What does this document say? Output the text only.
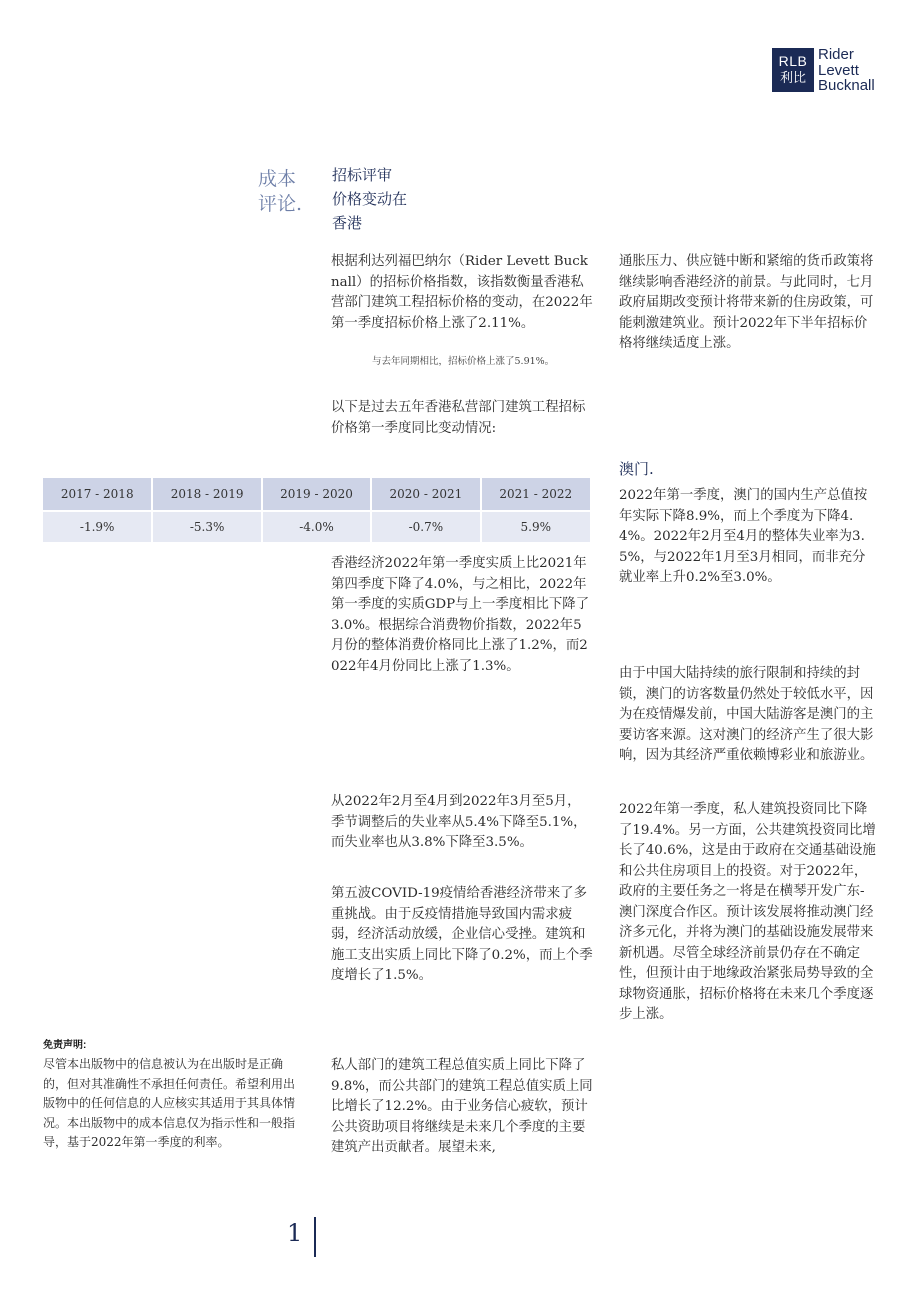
RLB
利比
Rider
Levett
Bucknall
成本
评论.
招标评审
价格变动在
香港
根据利达列福巴纳尔（Rider Levett Bucknall）的招标价格指数，该指数衡量香港私营部门建筑工程招标价格的变动，在2022年第一季度招标价格上涨了2.11%。
与去年同期相比，招标价格上涨了5.91%。
以下是过去五年香港私营部门建筑工程招标价格第一季度同比变动情况:
2017 - 2018	2018 - 2019	2019 - 2020	2020 - 2021	2021 - 2022
-1.9%	-5.3%	-4.0%	-0.7%	5.9%
香港经济2022年第一季度实质上比2021年第四季度下降了4.0%，与之相比，2022年第一季度的实质GDP与上一季度相比下降了3.0%。根据综合消费物价指数，2022年5月份的整体消费价格同比上涨了1.2%，而2022年4月份同比上涨了1.3%。
从2022年2月至4月到2022年3月至5月，季节调整后的失业率从5.4%下降至5.1%，而失业率也从3.8%下降至3.5%。
第五波COVID-19疫情给香港经济带来了多重挑战。由于反疫情措施导致国内需求疲弱，经济活动放缓，企业信心受挫。建筑和施工支出实质上同比下降了0.2%，而上个季度增长了1.5%。
私人部门的建筑工程总值实质上同比下降了9.8%，而公共部门的建筑工程总值实质上同比增长了12.2%。由于业务信心疲软，预计公共资助项目将继续是未来几个季度的主要建筑产出贡献者。展望未来,
通胀压力、供应链中断和紧缩的货币政策将继续影响香港经济的前景。与此同时，七月政府届期改变预计将带来新的住房政策，可能刺激建筑业。预计2022年下半年招标价格将继续适度上涨。
澳门.
2022年第一季度，澳门的国内生产总值按年实际下降8.9%，而上个季度为下降4.4%。2022年2月至4月的整体失业率为3.5%，与2022年1月至3月相同，而非充分就业率上升0.2%至3.0%。
由于中国大陆持续的旅行限制和持续的封锁，澳门的访客数量仍然处于较低水平，因为在疫情爆发前，中国大陆游客是澳门的主要访客来源。这对澳门的经济产生了很大影响，因为其经济严重依赖博彩业和旅游业。
2022年第一季度，私人建筑投资同比下降了19.4%。另一方面，公共建筑投资同比增长了40.6%，这是由于政府在交通基础设施和公共住房项目上的投资。对于2022年，政府的主要任务之一将是在横琴开发广东-澳门深度合作区。预计该发展将推动澳门经济多元化，并将为澳门的基础设施发展带来新机遇。尽管全球经济前景仍存在不确定性，但预计由于地缘政治紧张局势导致的全球物资通胀，招标价格将在未来几个季度逐步上涨。
免责声明:
尽管本出版物中的信息被认为在出版时是正确的，但对其准确性不承担任何责任。希望利用出版物中的任何信息的人应核实其适用于其具体情况。本出版物中的成本信息仅为指示性和一般指导，基于2022年第一季度的利率。
1
